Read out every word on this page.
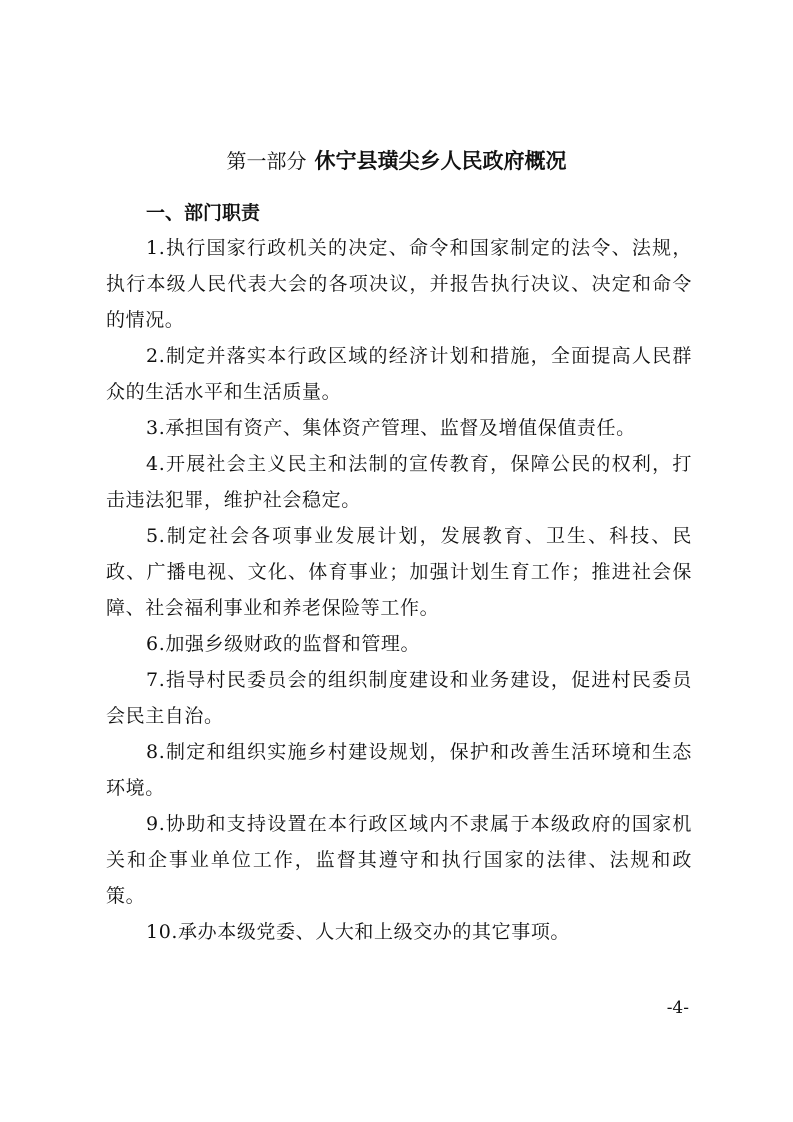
第一部分 休宁县璜尖乡人民政府概况
一、部门职责

1.执行国家行政机关的决定、命令和国家制定的法令、法规，执行本级人民代表大会的各项决议，并报告执行决议、决定和命令的情况。

2.制定并落实本行政区域的经济计划和措施，全面提高人民群众的生活水平和生活质量。

3.承担国有资产、集体资产管理、监督及增值保值责任。

4.开展社会主义民主和法制的宣传教育，保障公民的权利，打击违法犯罪，维护社会稳定。

5.制定社会各项事业发展计划，发展教育、卫生、科技、民政、广播电视、文化、体育事业；加强计划生育工作；推进社会保障、社会福利事业和养老保险等工作。

6.加强乡级财政的监督和管理。

7.指导村民委员会的组织制度建设和业务建设，促进村民委员会民主自治。

8.制定和组织实施乡村建设规划，保护和改善生活环境和生态环境。

9.协助和支持设置在本行政区域内不隶属于本级政府的国家机关和企事业单位工作，监督其遵守和执行国家的法律、法规和政策。

10.承办本级党委、人大和上级交办的其它事项。

-4-
